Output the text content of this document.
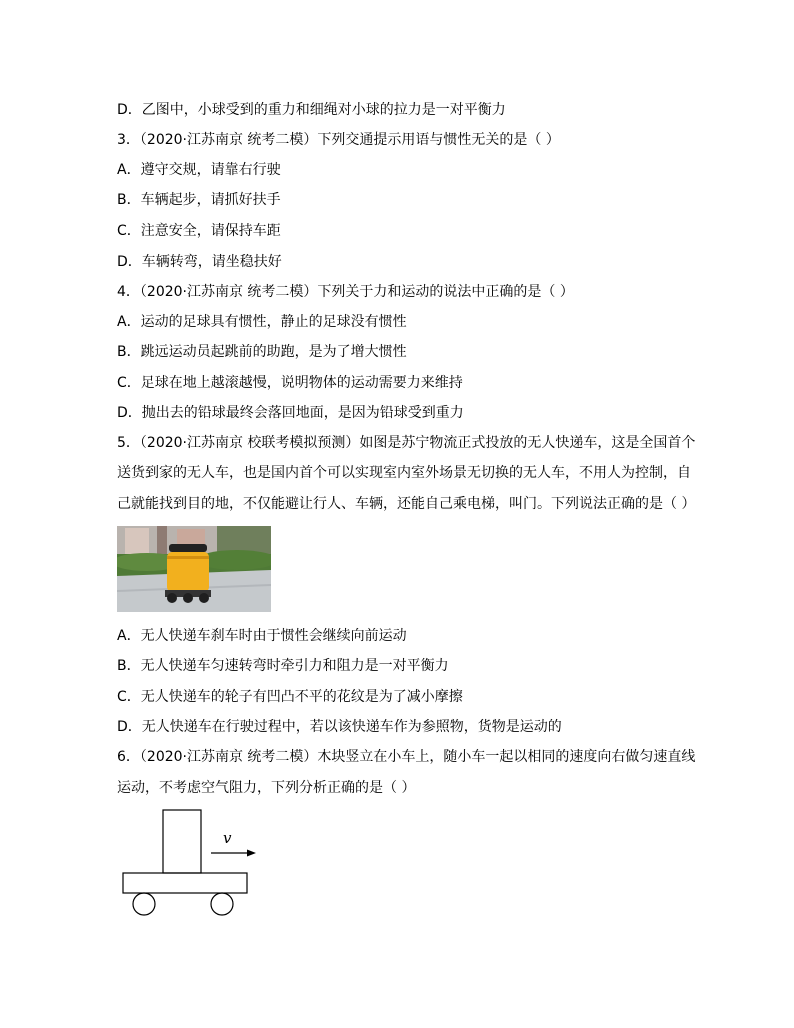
D．乙图中，小球受到的重力和细绳对小球的拉力是一对平衡力
3．（2020·江苏南京 统考二模）下列交通提示用语与惯性无关的是（ ）
A．遵守交规，请靠右行驶
B．车辆起步，请抓好扶手
C．注意安全，请保持车距
D．车辆转弯，请坐稳扶好
4．（2020·江苏南京 统考二模）下列关于力和运动的说法中正确的是（ ）
A．运动的足球具有惯性，静止的足球没有惯性
B．跳远运动员起跳前的助跑，是为了增大惯性
C．足球在地上越滚越慢，说明物体的运动需要力来维持
D．抛出去的铅球最终会落回地面，是因为铅球受到重力
5．（2020·江苏南京 校联考模拟预测）如图是苏宁物流正式投放的无人快递车，这是全国首个
送货到家的无人车，也是国内首个可以实现室内室外场景无切换的无人车，不用人为控制，自
己就能找到目的地，不仅能避让行人、车辆，还能自己乘电梯，叫门。下列说法正确的是（ ）
A．无人快递车刹车时由于惯性会继续向前运动
B．无人快递车匀速转弯时牵引力和阻力是一对平衡力
C．无人快递车的轮子有凹凸不平的花纹是为了减小摩擦
D．无人快递车在行驶过程中，若以该快递车作为参照物，货物是运动的
6．（2020·江苏南京 统考二模）木块竖立在小车上，随小车一起以相同的速度向右做匀速直线
运动，不考虑空气阻力，下列分析正确的是（ ）
v
